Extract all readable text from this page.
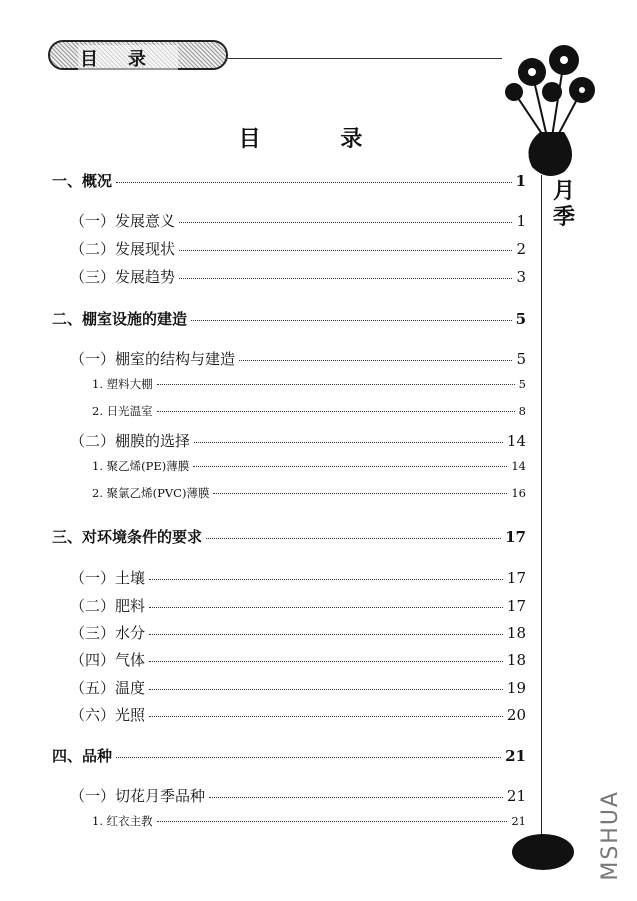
目录
月季
MSHUA
目 录
一、概况	1
（一）发展意义	1
（二）发展现状	2
（三）发展趋势	3
二、棚室设施的建造	5
（一）棚室的结构与建造	5
1. 塑料大棚	5
2. 日光温室	8
（二）棚膜的选择	14
1. 聚乙烯(PE)薄膜	14
2. 聚氯乙烯(PVC)薄膜	16
三、对环境条件的要求	17
（一）土壤	17
（二）肥料	17
（三）水分	18
（四）气体	18
（五）温度	19
（六）光照	20
四、品种	21
（一）切花月季品种	21
1. 红衣主教	21
